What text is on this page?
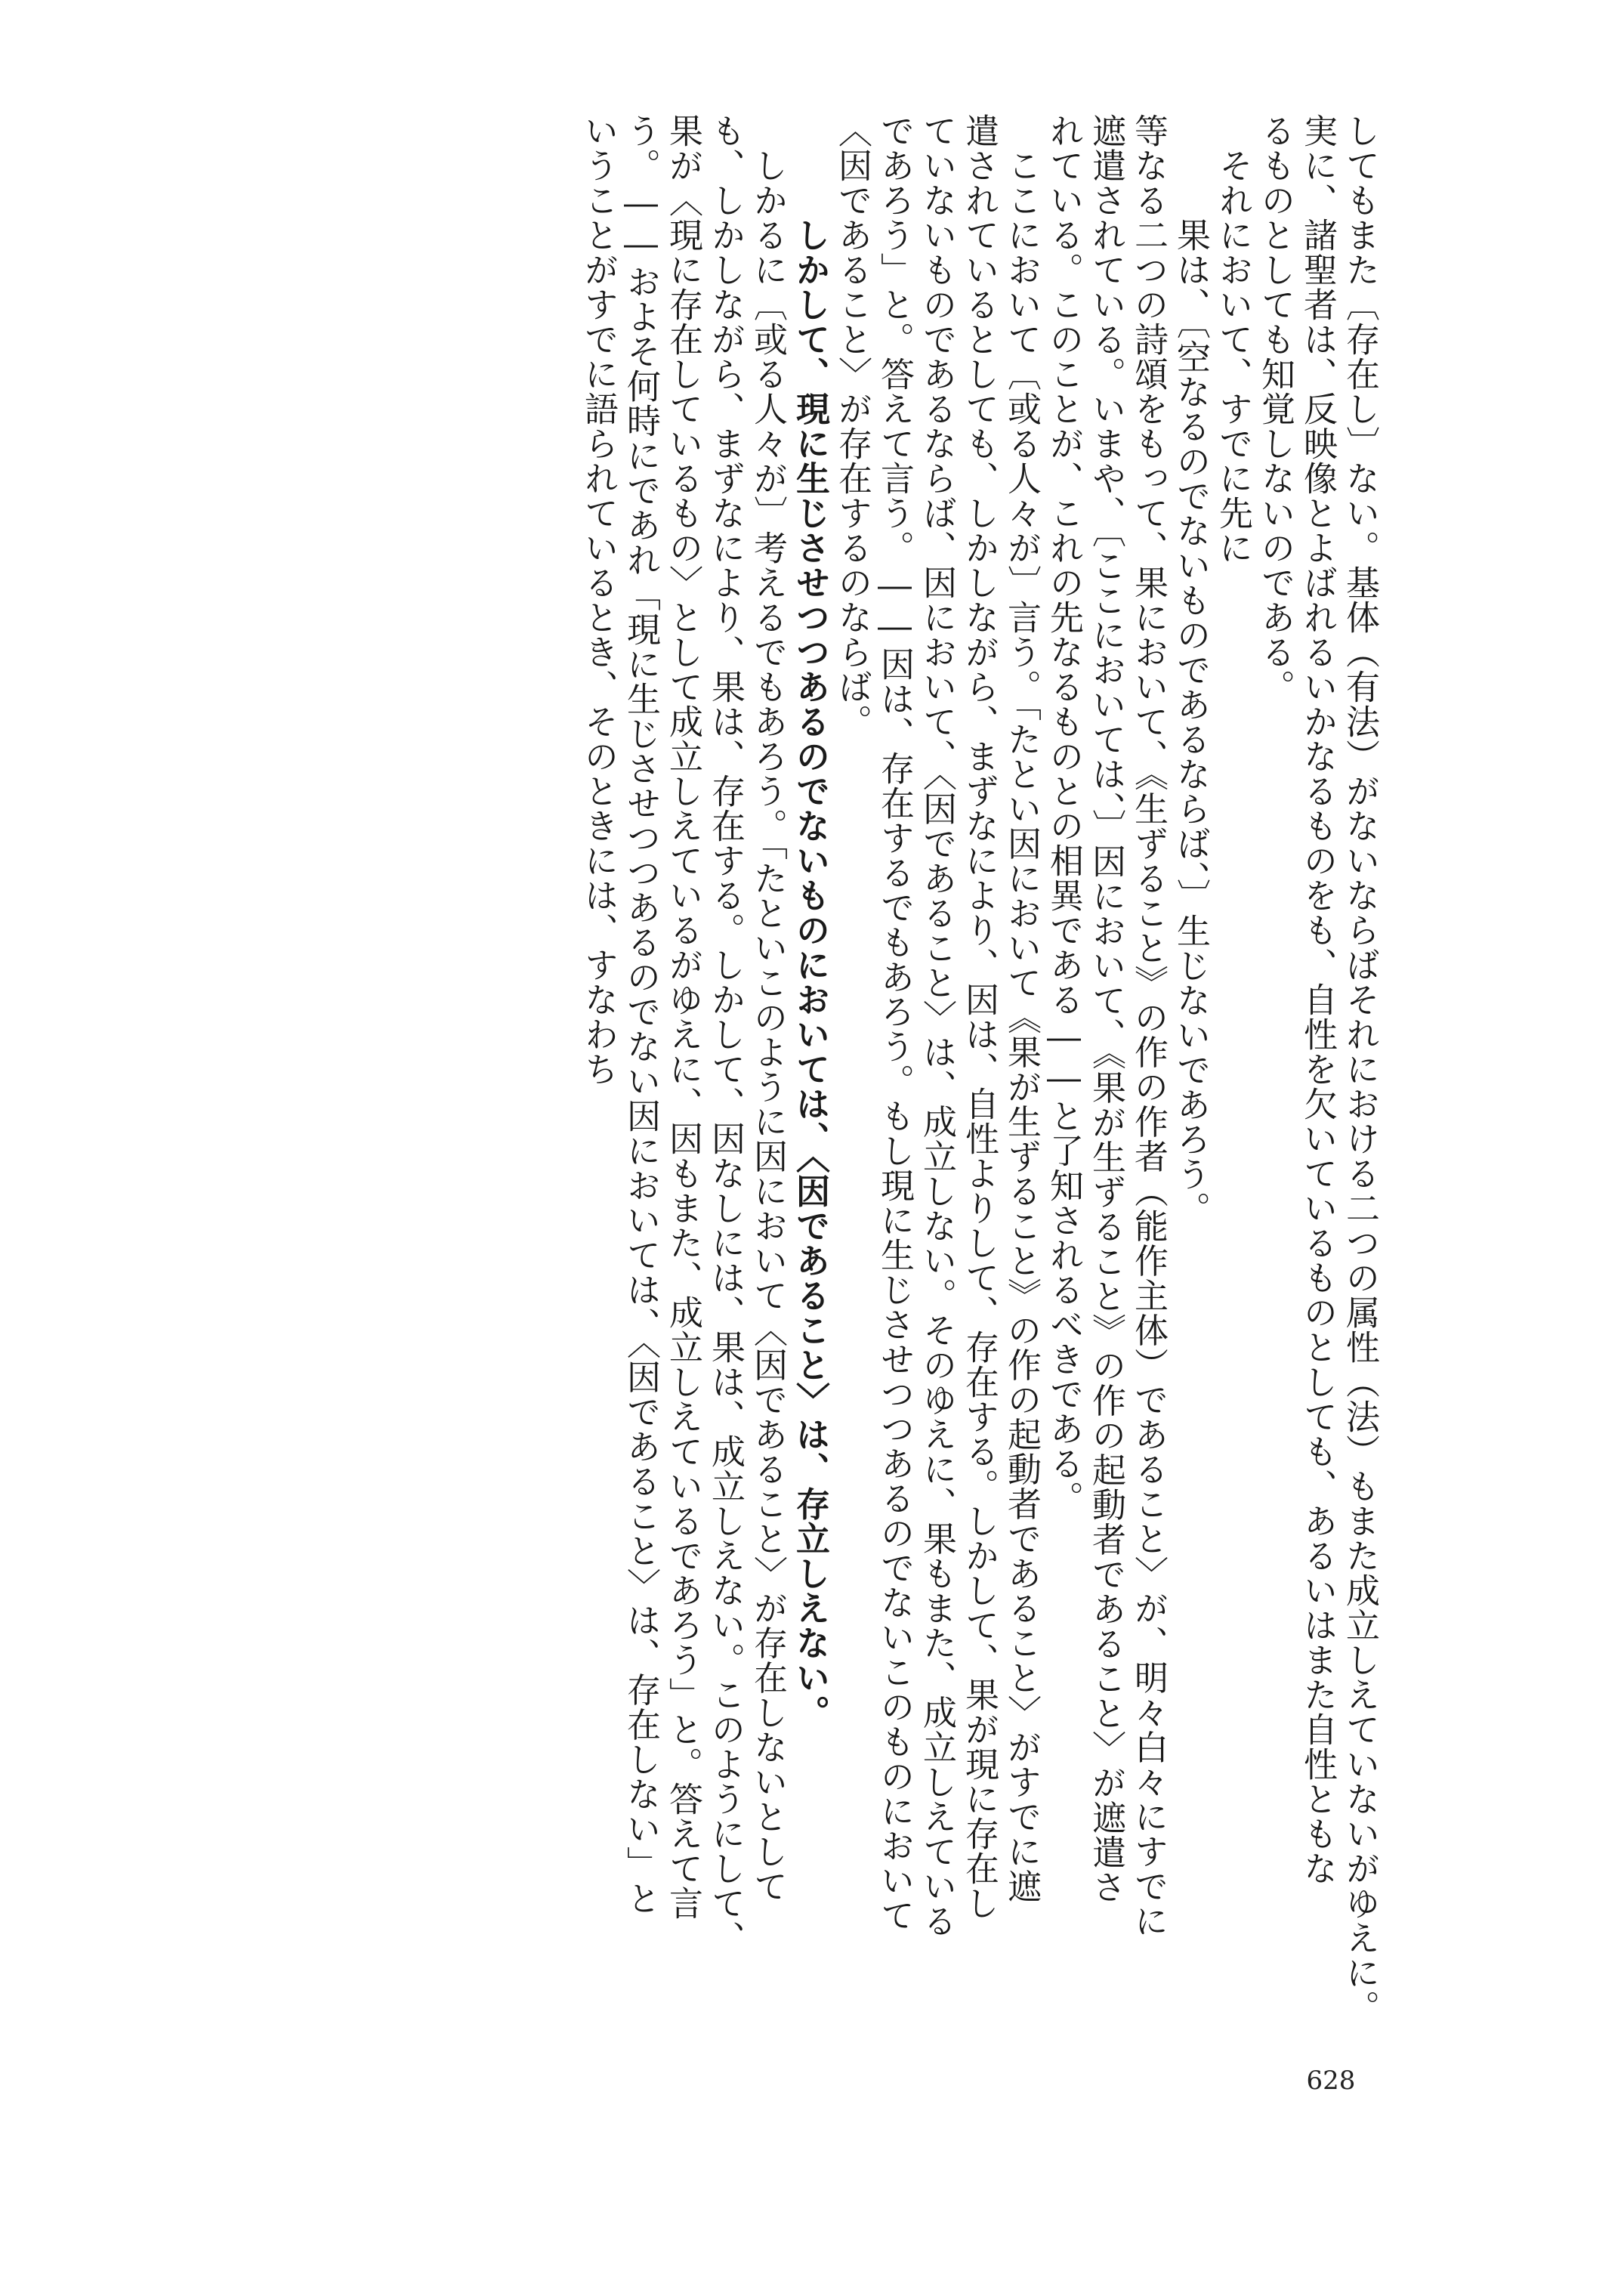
してもまた〔存在し〕ない。基体（有法）がないならばそれにおける二つの属性（法）もまた成立しえていないがゆえに。
実に、諸聖者は、反映像とよばれるいかなるものをも、自性を欠いているものとしても、あるいはまた自性ともな
るものとしても知覚しないのである。
それにおいて、すでに先に
果は、〔空なるのでないものであるならば、〕生じないであろう。
等なる二つの詩頌をもって、果において、《生ずること》の作の作者（能作主体）であること〉が、明々白々にすでに
遮遣されている。いまや、〔ここにおいては、〕因において、《果が生ずること》の作の起動者であること〉が遮遣さ
れている。このことが、これの先なるものとの相異である――と了知されるべきである。
ここにおいて〔或る人々が〕言う。「たとい因において《果が生ずること》の作の起動者であること〉がすでに遮
遣されているとしても、しかしながら、まずなにより、因は、自性よりして、存在する。しかして、果が現に存在し
ていないものであるならば、因において、〈因であること〉は、成立しない。そのゆえに、果もまた、成立しえている
であろう」と。答えて言う。――因は、存在するでもあろう。もし現に生じさせつつあるのでないこのものにおいて
〈因であること〉が存在するのならば。
しかして、現に生じさせつつあるのでないものにおいては、〈因であること〉は、存立しえない。
しかるに〔或る人々が〕考えるでもあろう。「たといこのように因において〈因であること〉が存在しないとして
も、しかしながら、まずなにより、果は、存在する。しかして、因なしには、果は、成立しえない。このようにして、
果が〈現に存在しているもの〉として成立しえているがゆえに、因もまた、成立しえているであろう」と。答えて言
う。――およそ何時にであれ「現に生じさせつつあるのでない因においては、〈因であること〉は、存在しない」と
いうことがすでに語られているとき、そのときには、すなわち
628
